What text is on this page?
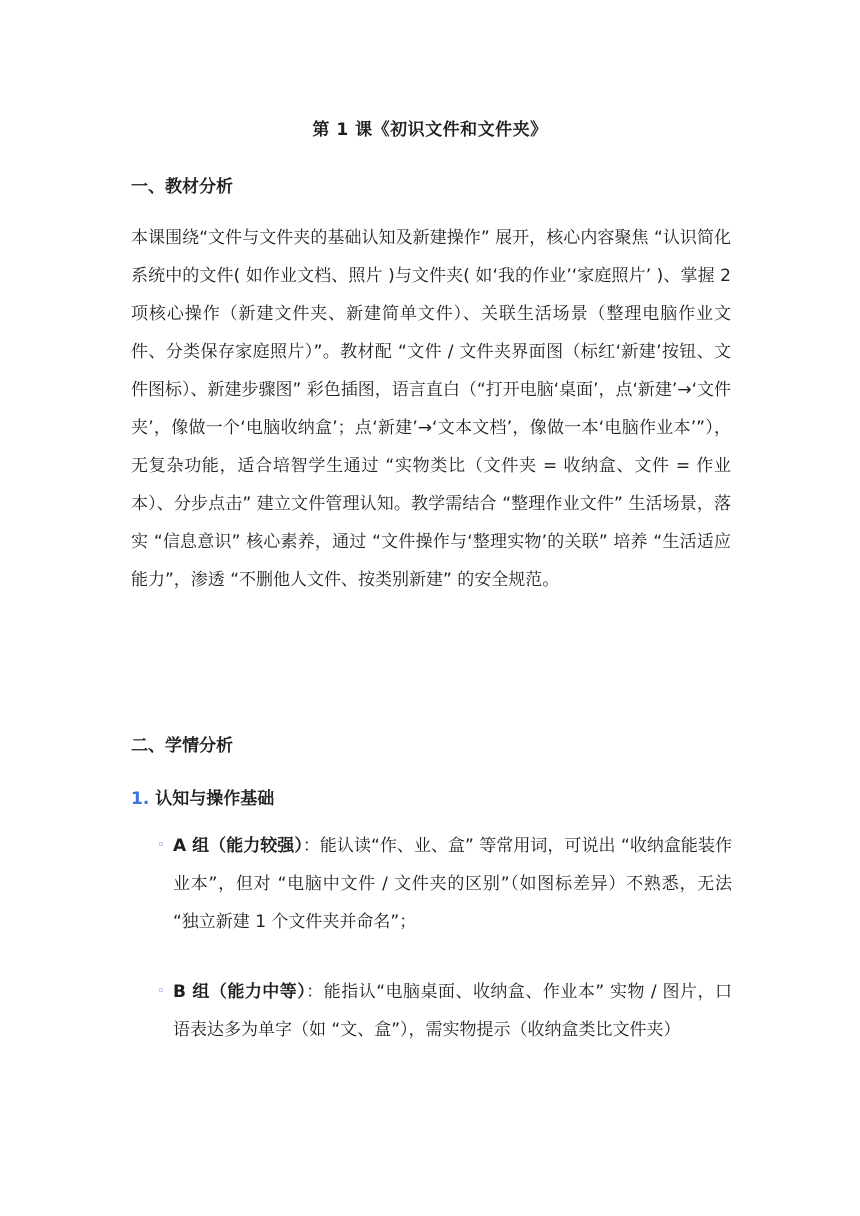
第 1 课《初识文件和文件夹》
一、教材分析
本课围绕“文件与文件夹的基础认知及新建操作” 展开，核心内容聚焦 “认识简化系统中的文件( 如作业文档、照片 )与文件夹( 如‘我的作业’‘家庭照片’ )、掌握 2 项核心操作（新建文件夹、新建简单文件）、关联生活场景（整理电脑作业文件、分类保存家庭照片）”。教材配 “文件 / 文件夹界面图（标红‘新建’按钮、文件图标）、新建步骤图” 彩色插图，语言直白（“打开电脑‘桌面’，点‘新建’→‘文件夹’，像做一个‘电脑收纳盒’；点‘新建’→‘文本文档’，像做一本‘电脑作业本’”），无复杂功能，适合培智学生通过 “实物类比（文件夹 = 收纳盒、文件 = 作业本）、分步点击” 建立文件管理认知。教学需结合 “整理作业文件” 生活场景，落实 “信息意识” 核心素养，通过 “文件操作与‘整理实物’的关联” 培养 “生活适应能力”，渗透 “不删他人文件、按类别新建” 的安全规范。
二、学情分析
1. 认知与操作基础
◦ A 组（能力较强）：能认读“作、业、盒” 等常用词，可说出 “收纳盒能装作业本”，但对 “电脑中文件 / 文件夹的区别”（如图标差异）不熟悉，无法 “独立新建 1 个文件夹并命名”；
◦ B 组（能力中等）：能指认“电脑桌面、收纳盒、作业本” 实物 / 图片，口语表达多为单字（如 “文、盒”），需实物提示（收纳盒类比文件夹）
